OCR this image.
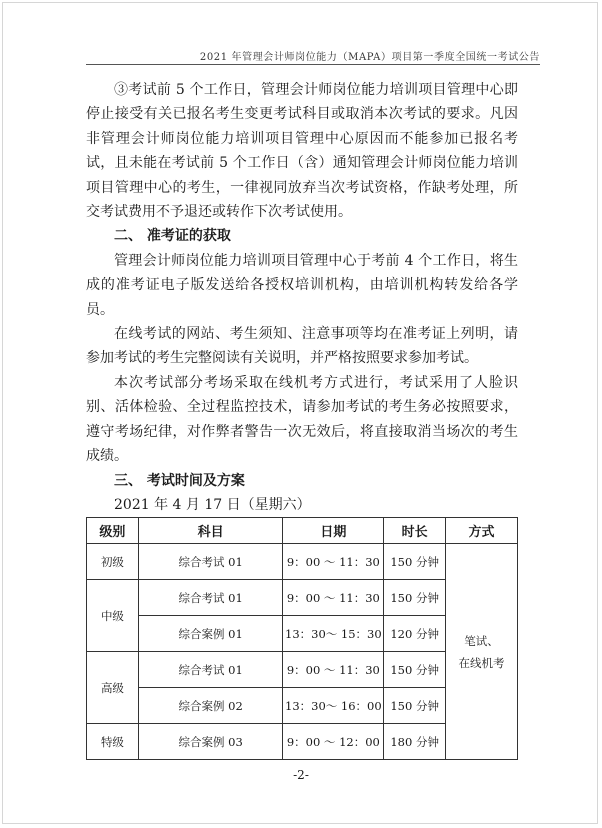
2021 年管理会计师岗位能力（MAPA）项目第一季度全国统一考试公告

③考试前 5 个工作日，管理会计师岗位能力培训项目管理中心即停止接受有关已报名考生变更考试科目或取消本次考试的要求。凡因非管理会计师岗位能力培训项目管理中心原因而不能参加已报名考试，且未能在考试前 5 个工作日（含）通知管理会计师岗位能力培训项目管理中心的考生，一律视同放弃当次考试资格，作缺考处理，所交考试费用不予退还或转作下次考试使用。

二、 准考证的获取

管理会计师岗位能力培训项目管理中心于考前 4 个工作日，将生成的准考证电子版发送给各授权培训机构，由培训机构转发给各学员。

在线考试的网站、考生须知、注意事项等均在准考证上列明，请参加考试的考生完整阅读有关说明，并严格按照要求参加考试。

本次考试部分考场采取在线机考方式进行，考试采用了人脸识别、活体检验、全过程监控技术，请参加考试的考生务必按照要求，遵守考场纪律，对作弊者警告一次无效后，将直接取消当场次的考生成绩。

三、 考试时间及方案

2021 年 4 月 17 日（星期六）

级别	科目	日期	时长	方式
初级	综合考试 01	9：00 ～ 11：30	150 分钟	笔试、
在线机考

中级	综合考试 01	9：00 ～ 11：30	150 分钟	
	综合案例 01	13：30～ 15：30	120 分钟	
高级	综合考试 01	9：00 ～ 11：30	150 分钟	
	综合案例 02	13：30～ 16：00	150 分钟	
特级	综合案例 03	9：00 ～ 12：00	180 分钟	
-2-
